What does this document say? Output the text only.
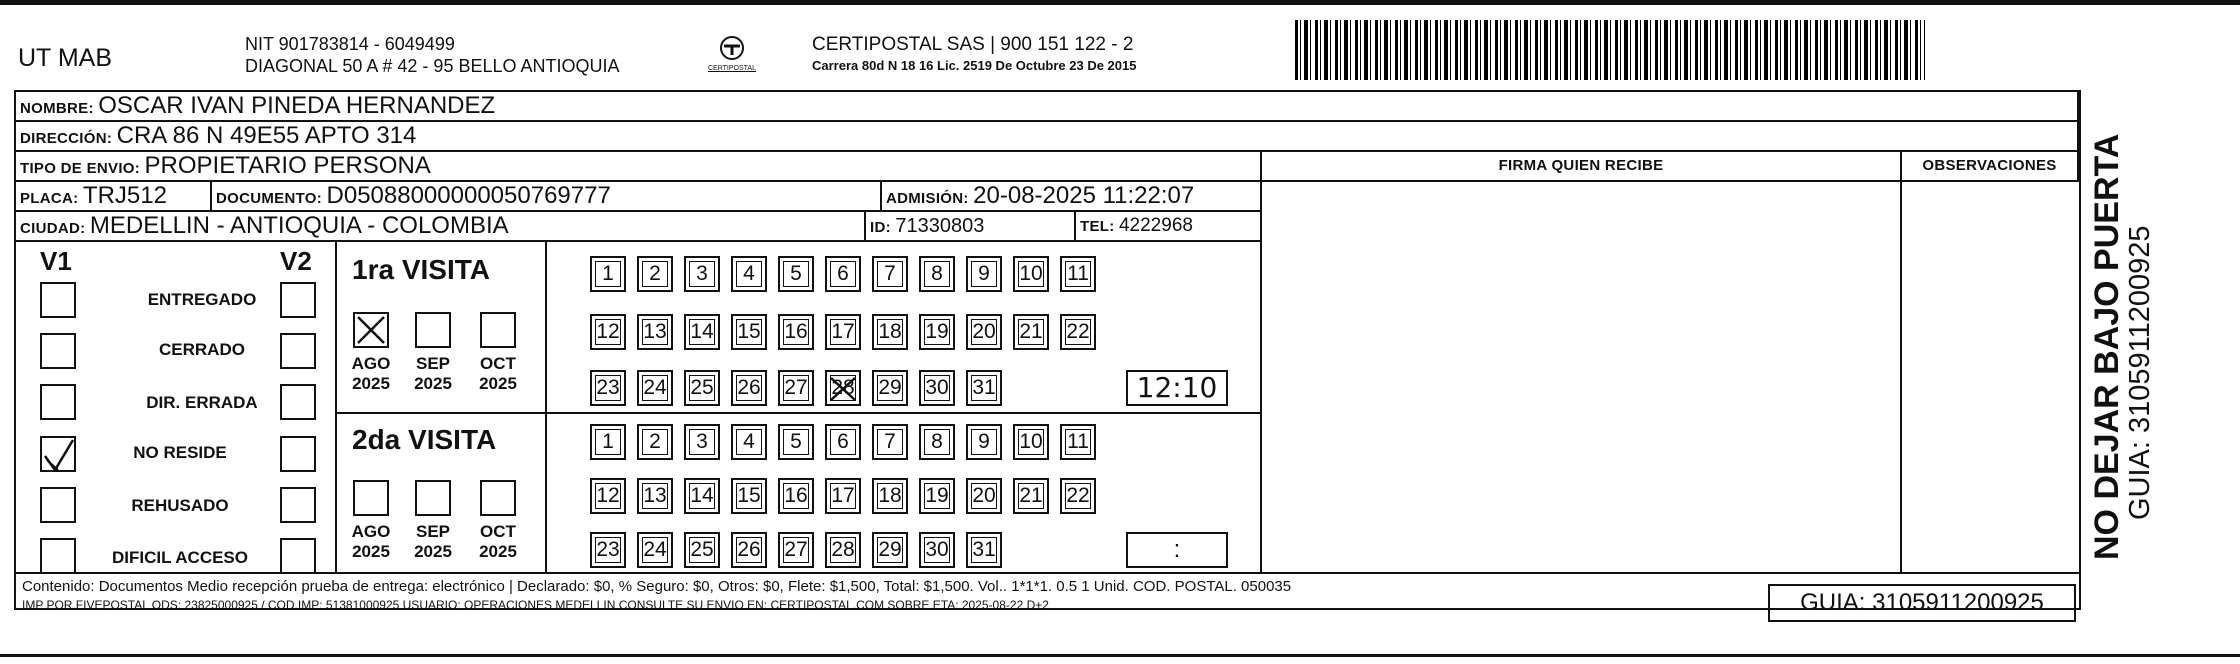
UT MAB	NIT 901783814 - 6049499
DIAGONAL 50 A # 42 - 95 BELLO ANTIOQUIA	CERTIPOSTAL
CERTIPOSTAL SAS | 900 151 122 - 2
Carrera 80d N 18 16 Lic. 2519 De Octubre 23 De 2015
NOMBRE: OSCAR IVAN PINEDA HERNANDEZ
DIRECCIÓN: CRA 86 N 49E55 APTO 314
TIPO DE ENVIO: PROPIETARIO PERSONA	FIRMA QUIEN RECIBE	OBSERVACIONES
PLACA: TRJ512	DOCUMENTO: D05088000000050769777	ADMISIÓN: 20-08-2025 11:22:07
CIUDAD: MEDELLIN - ANTIOQUIA - COLOMBIA	ID: 71330803	TEL: 4222968
V1	V2
ENTREGADO
CERRADO
DIR. ERRADA
NO RESIDE
REHUSADO
DIFICIL ACCESO
1ra VISITA
2da VISITA
AGO
2025
SEP
2025
OCT
2025
AGO
2025
SEP
2025
OCT
2025
1	2	3	4	5	6	7	8	9	10	11
12	13	14	15	16	17	18	19	20	21	22
23	24	25	26	27	28	29	30	31
1	2	3	4	5	6	7	8	9	10	11
12	13	14	15	16	17	18	19	20	21	22
23	24	25	26	27	28	29	30	31
12:10
:
Contenido: Documentos Medio recepción prueba de entrega: electrónico | Declarado: $0, % Seguro: $0, Otros: $0, Flete: $1,500, Total: $1,500. Vol.. 1*1*1. 0.5 1 Unid. COD. POSTAL. 050035
IMP POR FIVEPOSTAL ODS: 23825000925 / COD.IMP: 51381000925 USUARIO: OPERACIONES MEDELLIN CONSULTE SU ENVIO EN: CERTIPOSTAL.COM SOBRE ETA: 2025-08-22 D+2	GUIA: 3105911200925
NO DEJAR BAJO PUERTA
GUIA: 3105911200925
